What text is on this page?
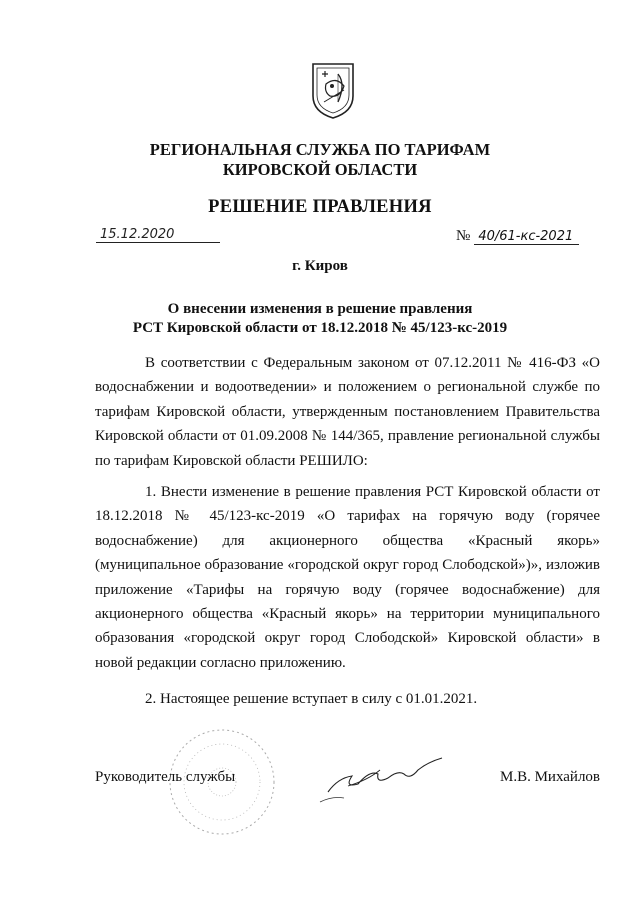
РЕГИОНАЛЬНАЯ СЛУЖБА ПО ТАРИФАМ
КИРОВСКОЙ ОБЛАСТИ
РЕШЕНИЕ ПРАВЛЕНИЯ
15.12.2020	№ 40/61-кс-2021
г. Киров
О внесении изменения в решение правления
РСТ Кировской области от 18.12.2018 № 45/123-кс-2019

В соответствии с Федеральным законом от 07.12.2011 № 416-ФЗ «О водоснабжении и водоотведении» и положением о региональной службе по тарифам Кировской области, утвержденным постановлением Правительства Кировской области от 01.09.2008 № 144/365, правление региональной службы по тарифам Кировской области РЕШИЛО:

1. Внести изменение в решение правления РСТ Кировской области от 18.12.2018 № 45/123-кс-2019 «О тарифах на горячую воду (горячее водоснабжение) для акционерного общества «Красный якорь» (муниципальное образование «городской округ город Слободской»)», изложив приложение «Тарифы на горячую воду (горячее водоснабжение) для акционерного общества «Красный якорь» на территории муниципального образования «городской округ город Слободской» Кировской области» в новой редакции согласно приложению.

2. Настоящее решение вступает в силу с 01.01.2021.

Руководитель службы	М.В. Михайлов
